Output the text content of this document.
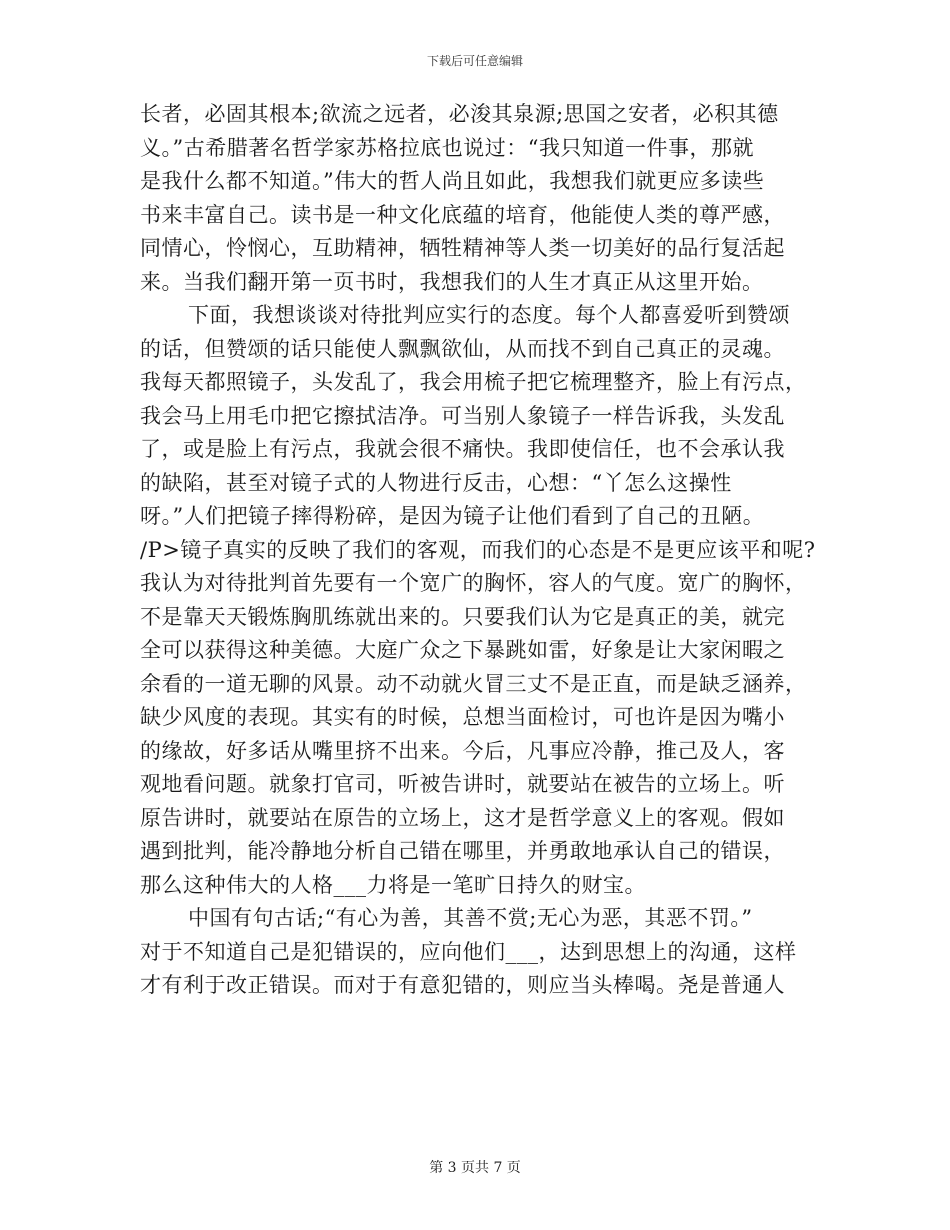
下载后可任意编辑
长者，必固其根本;欲流之远者，必浚其泉源;思国之安者，必积其德
义。”古希腊著名哲学家苏格拉底也说过：“我只知道一件事，那就
是我什么都不知道。”伟大的哲人尚且如此，我想我们就更应多读些
书来丰富自己。读书是一种文化底蕴的培育，他能使人类的尊严感，
同情心，怜悯心，互助精神，牺牲精神等人类一切美好的品行复活起
来。当我们翻开第一页书时，我想我们的人生才真正从这里开始。
下面，我想谈谈对待批判应实行的态度。每个人都喜爱听到赞颂
的话，但赞颂的话只能使人飘飘欲仙，从而找不到自己真正的灵魂。
我每天都照镜子，头发乱了，我会用梳子把它梳理整齐，脸上有污点，
我会马上用毛巾把它擦拭洁净。可当别人象镜子一样告诉我，头发乱
了，或是脸上有污点，我就会很不痛快。我即使信任，也不会承认我
的缺陷，甚至对镜子式的人物进行反击，心想：“丫怎么这操性
呀。”人们把镜子摔得粉碎，是因为镜子让他们看到了自己的丑陋。
/P>镜子真实的反映了我们的客观，而我们的心态是不是更应该平和呢?
我认为对待批判首先要有一个宽广的胸怀，容人的气度。宽广的胸怀，
不是靠天天锻炼胸肌练就出来的。只要我们认为它是真正的美，就完
全可以获得这种美德。大庭广众之下暴跳如雷，好象是让大家闲暇之
余看的一道无聊的风景。动不动就火冒三丈不是正直，而是缺乏涵养，
缺少风度的表现。其实有的时候，总想当面检讨，可也许是因为嘴小
的缘故，好多话从嘴里挤不出来。今后，凡事应冷静，推己及人，客
观地看问题。就象打官司，听被告讲时，就要站在被告的立场上。听
原告讲时，就要站在原告的立场上，这才是哲学意义上的客观。假如
遇到批判，能冷静地分析自己错在哪里，并勇敢地承认自己的错误，
那么这种伟大的人格___力将是一笔旷日持久的财宝。
中国有句古话;“有心为善，其善不赏;无心为恶，其恶不罚。”
对于不知道自己是犯错误的，应向他们___，达到思想上的沟通，这样
才有利于改正错误。而对于有意犯错的，则应当头棒喝。尧是普通人
第 3 页共 7 页
